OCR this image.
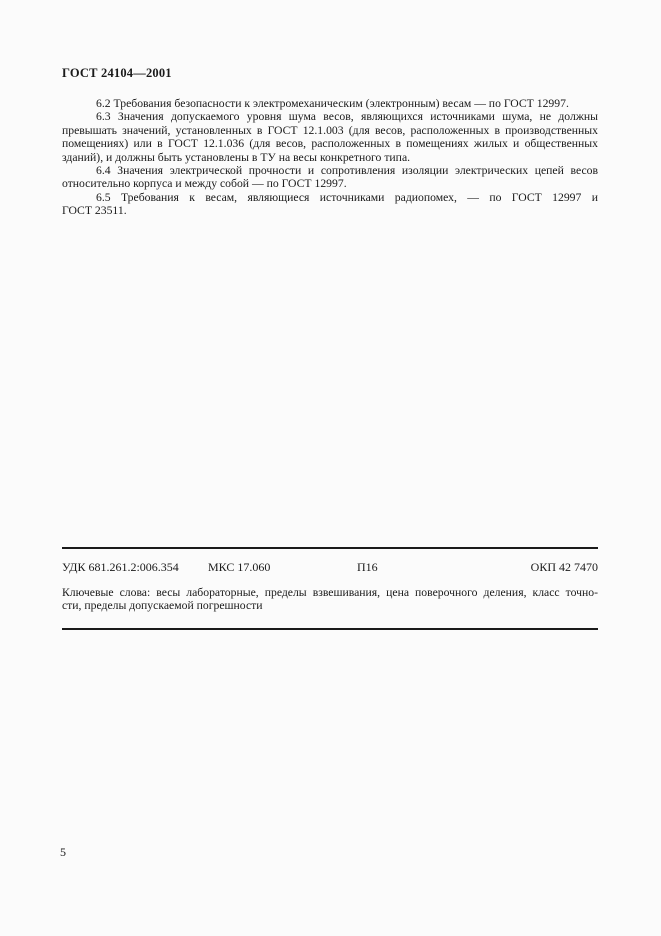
ГОСТ 24104—2001
6.2 Требования безопасности к электромеханическим (электронным) весам — по ГОСТ 12997.
6.3 Значения допускаемого уровня шума весов, являющихся источниками шума, не должны
превышать значений, установленных в ГОСТ 12.1.003 (для весов, расположенных в производственных
помещениях) или в ГОСТ 12.1.036 (для весов, расположенных в помещениях жилых и общественных
зданий), и должны быть установлены в ТУ на весы конкретного типа.
6.4 Значения электрической прочности и сопротивления изоляции электрических цепей весов
относительно корпуса и между собой — по ГОСТ 12997.
6.5 Требования к весам, являющиеся источниками радиопомех, — по ГОСТ 12997 и
ГОСТ 23511.
УДК 681.261.2:006.354 МКС 17.060	П16	ОКП 42 7470
Ключевые слова: весы лабораторные, пределы взвешивания, цена поверочного деления, класс точно-
сти, пределы допускаемой погрешности
5
